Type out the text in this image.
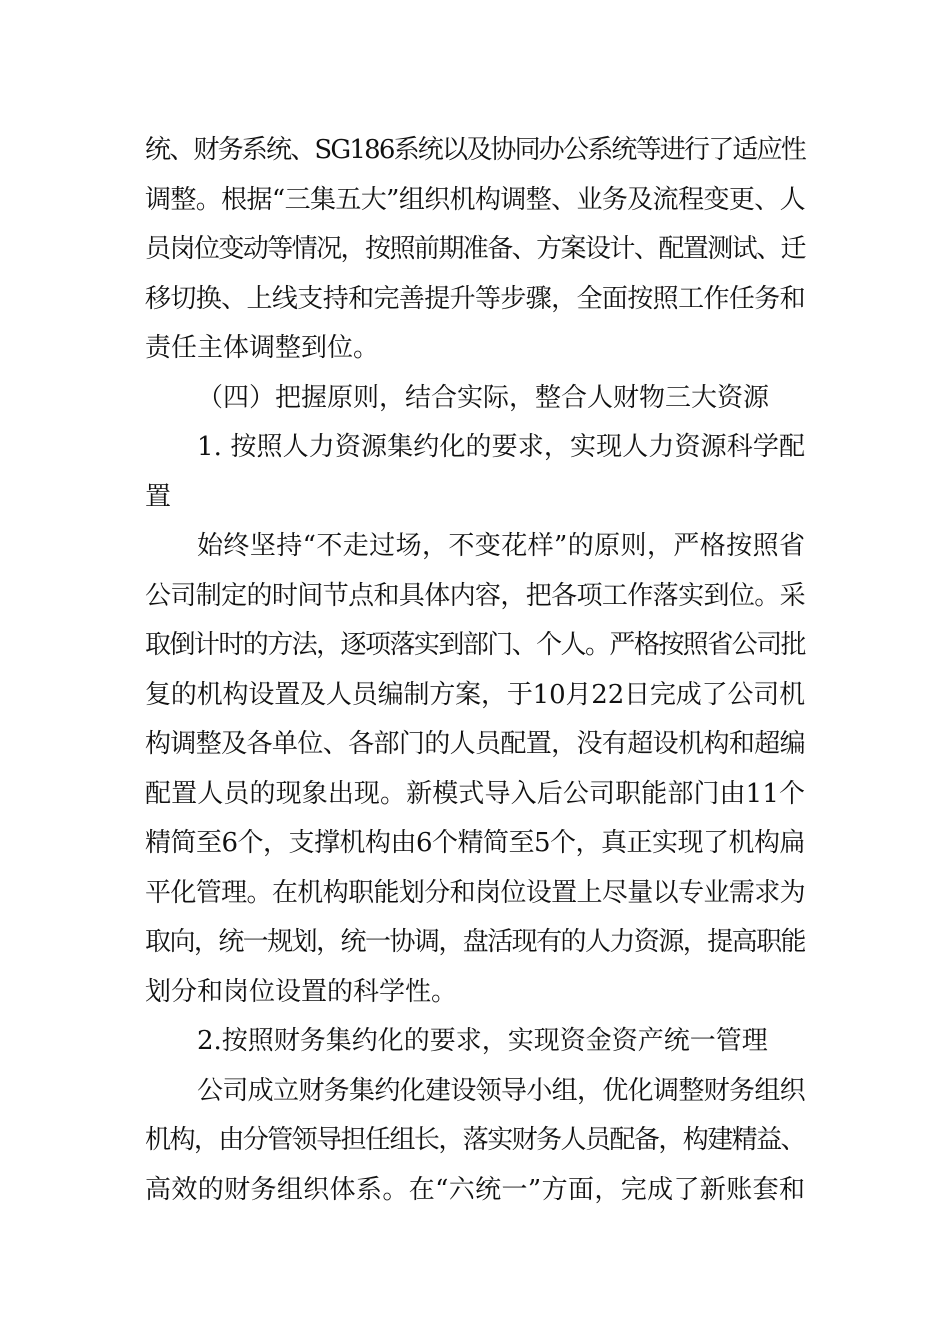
统、财务系统、SG186系统以及协同办公系统等进行了适应性
调整。根据“三集五大”组织机构调整、业务及流程变更、人
员岗位变动等情况，按照前期准备、方案设计、配置测试、迁
移切换、上线支持和完善提升等步骤，全面按照工作任务和
责任主体调整到位。
（四）把握原则，结合实际，整合人财物三大资源
1. 按照人力资源集约化的要求，实现人力资源科学配
置
始终坚持“不走过场，不变花样”的原则，严格按照省
公司制定的时间节点和具体内容，把各项工作落实到位。采
取倒计时的方法，逐项落实到部门、个人。严格按照省公司批
复的机构设置及人员编制方案，于10月22日完成了公司机
构调整及各单位、各部门的人员配置，没有超设机构和超编
配置人员的现象出现。新模式导入后公司职能部门由11个
精简至6个，支撑机构由6个精简至5个，真正实现了机构扁
平化管理。在机构职能划分和岗位设置上尽量以专业需求为
取向，统一规划，统一协调，盘活现有的人力资源，提高职能
划分和岗位设置的科学性。
2.按照财务集约化的要求，实现资金资产统一管理
公司成立财务集约化建设领导小组，优化调整财务组织
机构，由分管领导担任组长，落实财务人员配备，构建精益、
高效的财务组织体系。在“六统一”方面，完成了新账套和
